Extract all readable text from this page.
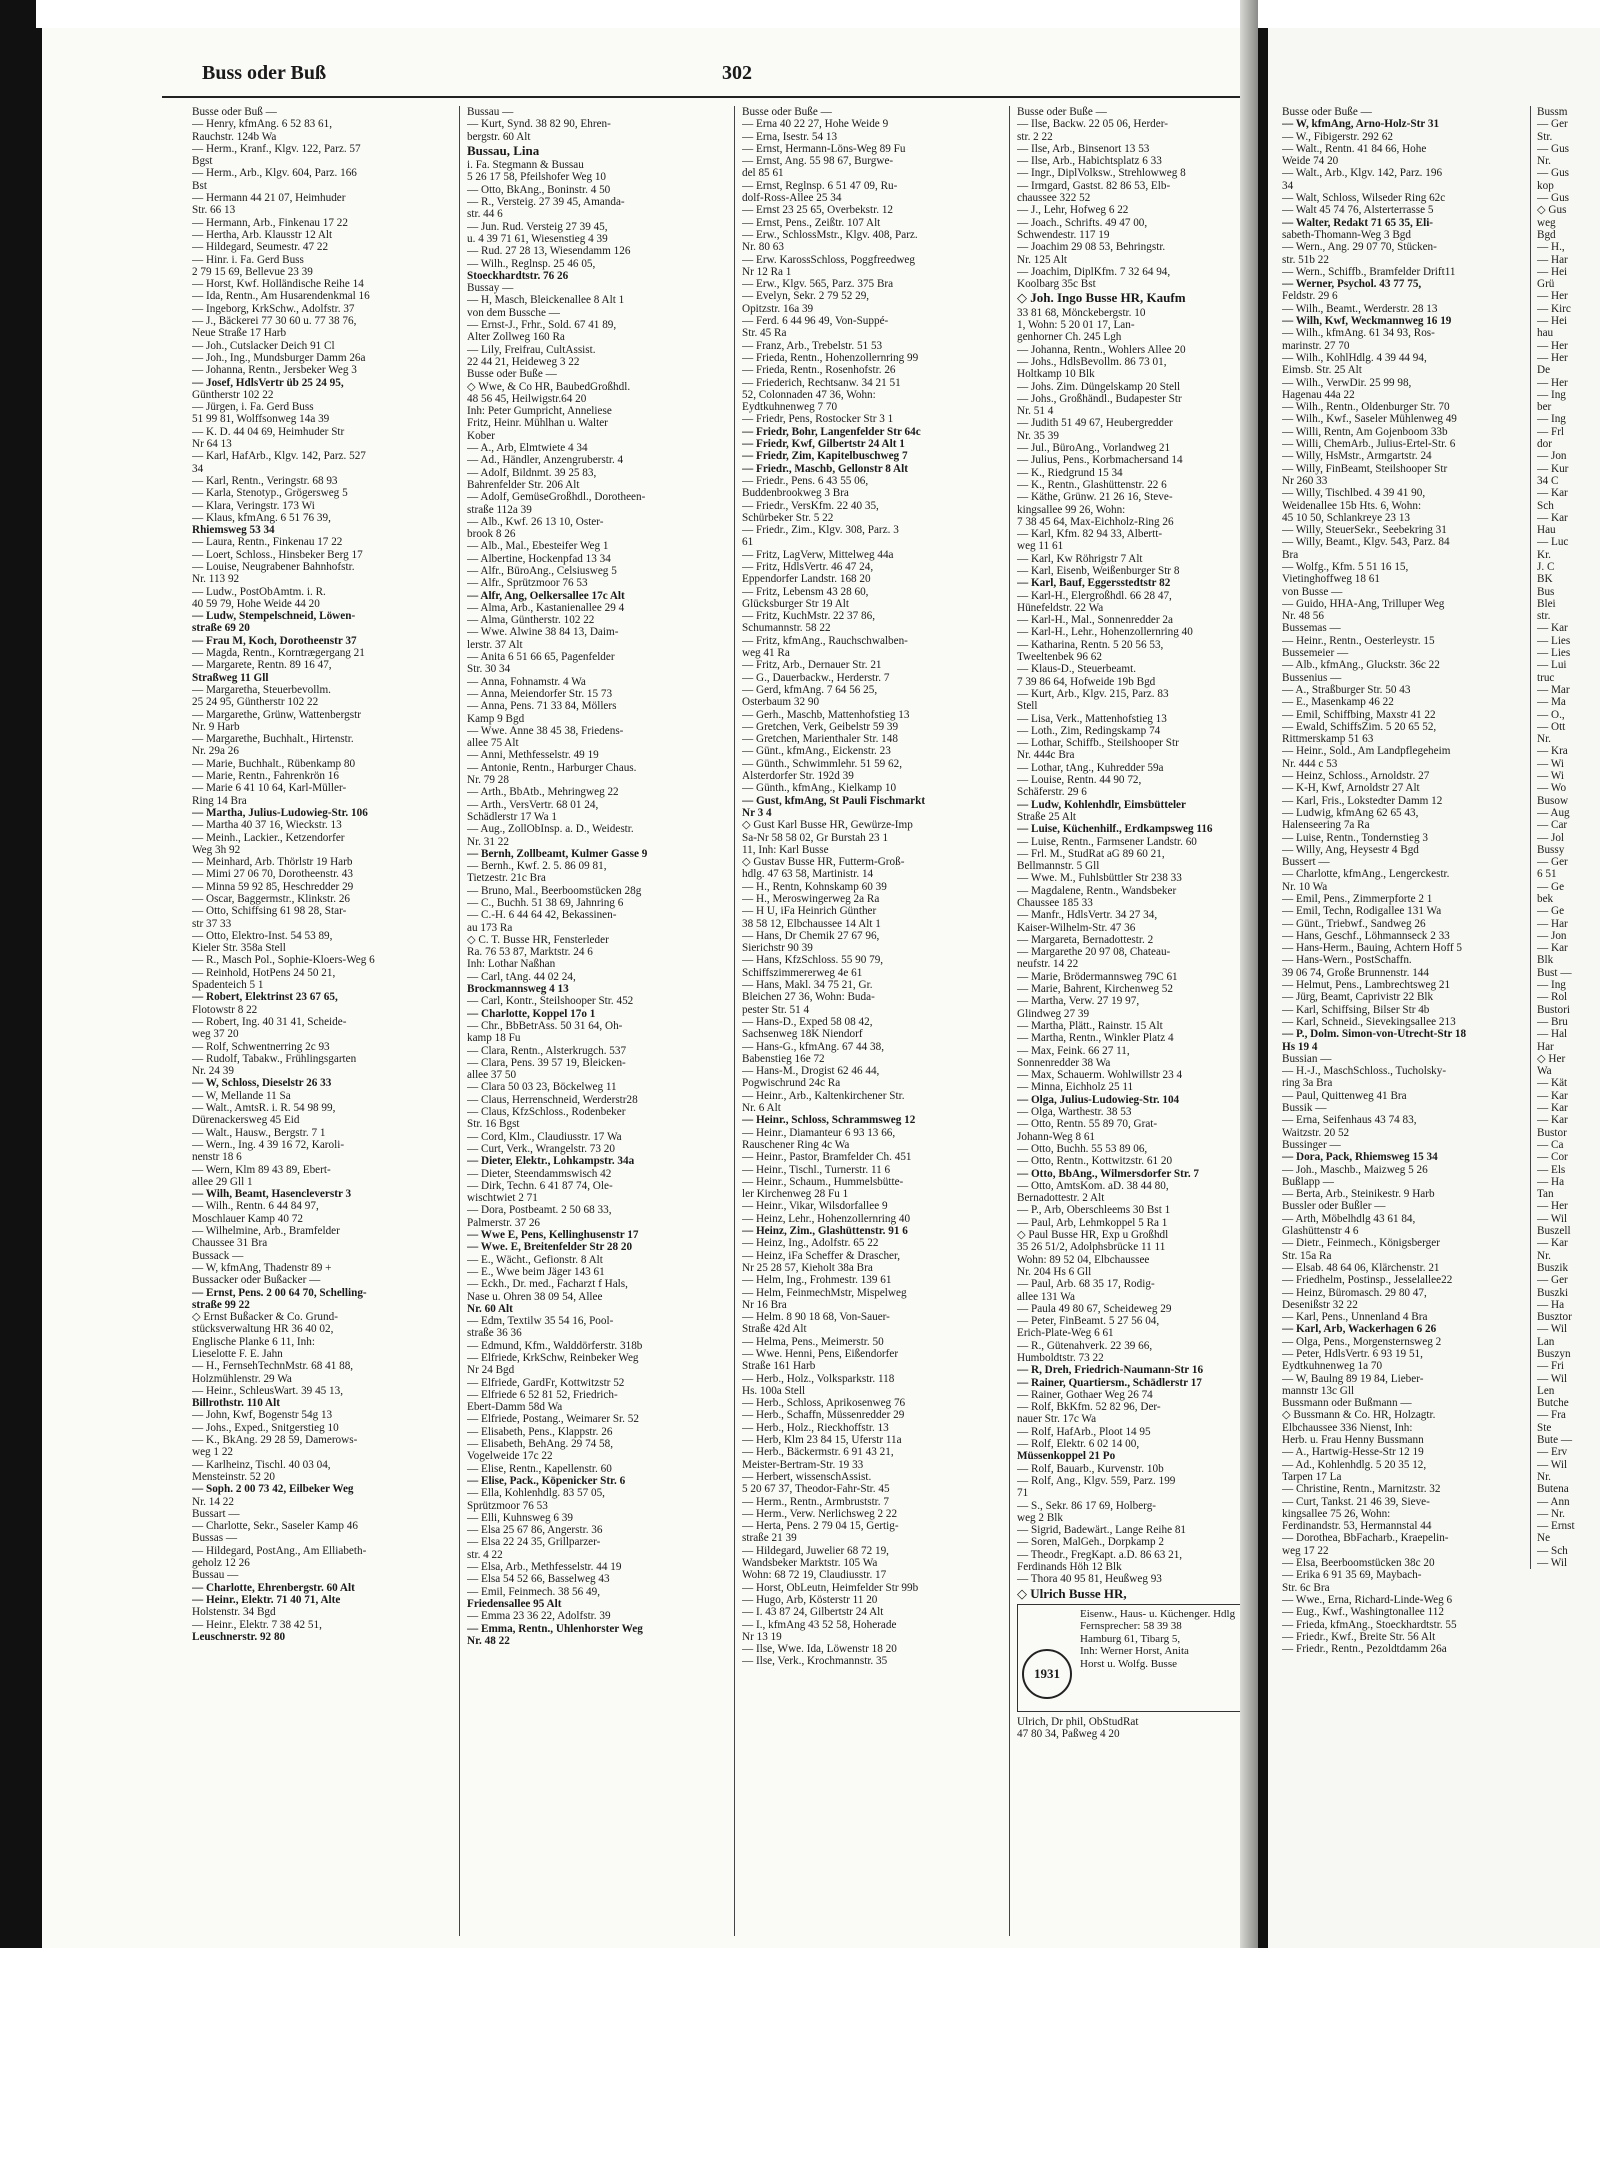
Buss oder Buß	302
Busse oder Buß —
— Henry, kfmAng. 6 52 83 61,
Rauchstr. 124b Wa
— Herm., Kranf., Klgv. 122, Parz. 57
Bgst
— Herm., Arb., Klgv. 604, Parz. 166
Bst
— Hermann 44 21 07, Heimhuder
Str. 66 13
— Hermann, Arb., Finkenau 17 22
— Hertha, Arb. Klausstr 12 Alt
— Hildegard, Seumestr. 47 22
— Hinr. i. Fa. Gerd Buss
2 79 15 69, Bellevue 23 39
— Horst, Kwf. Holländische Reihe 14
— Ida, Rentn., Am Husarendenkmal 16
— Ingeborg, KrkSchw., Adolfstr. 37
— J., Bäckerei 77 30 60 u. 77 38 76,
Neue Straße 17 Harb
— Joh., Cutslacker Deich 91 Cl
— Joh., Ing., Mundsburger Damm 26a
— Johanna, Rentn., Jersbeker Weg 3
— Josef, HdlsVertr üb 25 24 95,
Güntherstr 102 22
— Jürgen, i. Fa. Gerd Buss
51 99 81, Wolffsonweg 14a 39
— K. D. 44 04 69, Heimhuder Str
Nr 64 13
— Karl, HafArb., Klgv. 142, Parz. 527
34
— Karl, Rentn., Veringstr. 68 93
— Karla, Stenotyp., Grögersweg 5
— Klara, Veringstr. 173 Wi
— Klaus, kfmAng. 6 51 76 39,
Rhiemsweg 53 34
— Laura, Rentn., Finkenau 17 22
— Loert, Schloss., Hinsbeker Berg 17
— Louise, Neugrabener Bahnhofstr.
Nr. 113 92
— Ludw., PostObAmtm. i. R.
40 59 79, Hohe Weide 44 20
— Ludw, Stempelschneid, Löwen-
straße 69 20
— Frau M, Koch, Dorotheenstr 37
— Magda, Rentn., Korntrægergang 21
— Margarete, Rentn. 89 16 47,
Straßweg 11 Gll
— Margaretha, Steuerbevollm.
25 24 95, Güntherstr 102 22
— Margarethe, Grünw, Wattenbergstr
Nr. 9 Harb
— Margarethe, Buchhalt., Hirtenstr.
Nr. 29a 26
— Marie, Buchhalt., Rübenkamp 80
— Marie, Rentn., Fahrenkrön 16
— Marie 6 41 10 64, Karl-Müller-
Ring 14 Bra
— Martha, Julius-Ludowieg-Str. 106
— Martha 40 37 16, Wieckstr. 13
— Meinh., Lackier., Ketzendorfer
Weg 3h 92
— Meinhard, Arb. Thörlstr 19 Harb
— Mimi 27 06 70, Dorotheenstr. 43
— Minna 59 92 85, Heschredder 29
— Oscar, Baggermstr., Klinkstr. 26
— Otto, Schiffsing 61 98 28, Star-
str 37 33
— Otto, Elektro-Inst. 54 53 89,
Kieler Str. 358a Stell
— R., Masch Pol., Sophie-Kloers-Weg 6
— Reinhold, HotPens 24 50 21,
Spadenteich 5 1
— Robert, Elektrinst 23 67 65,
Flotowstr 8 22
— Robert, Ing. 40 31 41, Scheide-
weg 37 20
— Rolf, Schwentnerring 2c 93
— Rudolf, Tabakw., Frühlingsgarten
Nr. 24 39
— W, Schloss, Dieselstr 26 33
— W, Mellande 11 Sa
— Walt., AmtsR. i. R. 54 98 99,
Dürenackersweg 45 Eid
— Walt., Hausw., Bergstr. 7 1
— Wern., Ing. 4 39 16 72, Karoli-
nenstr 18 6
— Wern, Klm 89 43 89, Ebert-
allee 29 Gll 1
— Wilh, Beamt, Hasencleverstr 3
— Wilh., Rentn. 6 44 84 97,
Moschlauer Kamp 40 72
— Wilhelmine, Arb., Bramfelder
Chaussee 31 Bra
Bussack —
— W, kfmAng, Thadenstr 89 +
Bussacker oder Bußacker —
— Ernst, Pens. 2 00 64 70, Schelling-
straße 99 22
◇ Ernst Bußacker & Co. Grund-
stücksverwaltung HR 36 40 02,
Englische Planke 6 11, Inh:
Lieselotte F. E. Jahn
— H., FernsehTechnMstr. 68 41 88,
Holzmühlenstr. 29 Wa
— Heinr., SchleusWart. 39 45 13,
Billrothstr. 110 Alt
— John, Kwf, Bogenstr 54g 13
— Johs., Exped., Snitgerstieg 10
— K., BkAng. 29 28 59, Damerows-
weg 1 22
— Karlheinz, Tischl. 40 03 04,
Mensteinstr. 52 20
— Soph. 2 00 73 42, Eilbeker Weg
Nr. 14 22
Bussart —
— Charlotte, Sekr., Saseler Kamp 46
Bussas —
— Hildegard, PostAng., Am Elliabeth-
geholz 12 26
Bussau —
— Charlotte, Ehrenbergstr. 60 Alt
— Heinr., Elektr. 71 40 71, Alte
Holstenstr. 34 Bgd
— Heinr., Elektr. 7 38 42 51,
Leuschnerstr. 92 80
Bussau —
— Kurt, Synd. 38 82 90, Ehren-
bergstr. 60 Alt
Bussau, Lina
i. Fa. Stegmann & Bussau
5 26 17 58, Pfeilshofer Weg 10
— Otto, BkAng., Boninstr. 4 50
— R., Versteig. 27 39 45, Amanda-
str. 44 6
— Jun. Rud. Versteig 27 39 45,
u. 4 39 71 61, Wiesenstieg 4 39
— Rud. 27 28 13, Wiesendamm 126
— Wilh., Reglnsp. 25 46 05,
Stoeckhardtstr. 76 26
Bussay —
— H, Masch, Bleickenallee 8 Alt 1
von dem Bussche —
— Ernst-J., Frhr., Sold. 67 41 89,
Alter Zollweg 160 Ra
— Lily, Freifrau, CultAssist.
22 44 21, Heideweg 3 22
Busse oder Buße —
◇ Wwe, & Co HR, BaubedGroßhdl.
48 56 45, Heilwigstr.64 20
Inh: Peter Gumpricht, Anneliese
Fritz, Heinr. Mühlhan u. Walter
Kober
— A., Arb, Elmtwiete 4 34
— Ad., Händler, Anzengruberstr. 4
— Adolf, Bildnmt. 39 25 83,
Bahrenfelder Str. 206 Alt
— Adolf, GemüseGroßhdl., Dorotheen-
straße 112a 39
— Alb., Kwf. 26 13 10, Oster-
brook 8 26
— Alb., Mal., Ebesteifer Weg 1
— Albertine, Hockenpfad 13 34
— Alfr., BüroAng., Celsiusweg 5
— Alfr., Sprützmoor 76 53
— Alfr, Ang, Oelkersallee 17c Alt
— Alma, Arb., Kastanienallee 29 4
— Alma, Güntherstr. 102 22
— Wwe. Alwine 38 84 13, Daim-
lerstr. 37 Alt
— Anita 6 51 66 65, Pagenfelder
Str. 30 34
— Anna, Fohnamstr. 4 Wa
— Anna, Meiendorfer Str. 15 73
— Anna, Pens. 71 33 84, Möllers
Kamp 9 Bgd
— Wwe. Anne 38 45 38, Friedens-
allee 75 Alt
— Anni, Methfesselstr. 49 19
— Antonie, Rentn., Harburger Chaus.
Nr. 79 28
— Arth., BbAtb., Mehringweg 22
— Arth., VersVertr. 68 01 24,
Schädlerstr 17 Wa 1
— Aug., ZollObInsp. a. D., Weidestr.
Nr. 31 22
— Bernh, Zollbeamt, Kulmer Gasse 9
— Bernh., Kwf. 2. 5. 86 09 81,
Tietzestr. 21c Bra
— Bruno, Mal., Beerboomstücken 28g
— C., Buchh. 51 38 69, Jahnring 6
— C.-H. 6 44 64 42, Bekassinen-
au 173 Ra
◇ C. T. Busse HR, Fensterleder
Ra. 76 53 87, Marktstr. 24 6
Inh: Lothar Naßhan
— Carl, tAng. 44 02 24,
Brockmannsweg 4 13
— Carl, Kontr., Steilshooper Str. 452
— Charlotte, Koppel 17o 1
— Chr., BbBetrAss. 50 31 64, Oh-
kamp 18 Fu
— Clara, Rentn., Alsterkrugch. 537
— Clara, Pens. 39 57 19, Bleicken-
allee 37 50
— Clara 50 03 23, Böckelweg 11
— Claus, Herrenschneid, Werderstr28
— Claus, KfzSchloss., Rodenbeker
Str. 16 Bgst
— Cord, Klm., Claudiusstr. 17 Wa
— Curt, Verk., Wrangelstr. 73 20
— Dieter, Elektr., Lohkampstr. 34a
— Dieter, Steendammswisch 42
— Dirk, Techn. 6 41 87 74, Ole-
wischtwiet 2 71
— Dora, Postbeamt. 2 50 68 33,
Palmerstr. 37 26
— Wwe E, Pens, Kellinghusenstr 17
— Wwe. E, Breitenfelder Str 28 20
— E., Wächt., Gefionstr. 8 Alt
— E., Wwe beim Jäger 143 61
— Eckh., Dr. med., Facharzt f Hals,
Nase u. Ohren 38 09 54, Allee
Nr. 60 Alt
— Edm, Textilw 35 54 16, Pool-
straße 36 36
— Edmund, Kfm., Walddörferstr. 318b
— Elfriede, KrkSchw, Reinbeker Weg
Nr 24 Bgd
— Elfriede, GardFr, Kottwitzstr 52
— Elfriede 6 52 81 52, Friedrich-
Ebert-Damm 58d Wa
— Elfriede, Postang., Weimarer Sr. 52
— Elisabeth, Pens., Klappstr. 26
— Elisabeth, BehAng. 29 74 58,
Vogelweide 17c 22
— Elise, Rentn., Kapellenstr. 60
— Elise, Pack., Köpenicker Str. 6
— Ella, Kohlenhdlg. 83 57 05,
Sprützmoor 76 53
— Elli, Kuhnsweg 6 39
— Elsa 25 67 86, Angerstr. 36
— Elsa 22 24 35, Grillparzer-
str. 4 22
— Elsa, Arb., Methfesselstr. 44 19
— Elsa 54 52 66, Basselweg 43
— Emil, Feinmech. 38 56 49,
Friedensallee 95 Alt
— Emma 23 36 22, Adolfstr. 39
— Emma, Rentn., Uhlenhorster Weg
Nr. 48 22
Busse oder Buße —
— Erna 40 22 27, Hohe Weide 9
— Erna, Isestr. 54 13
— Ernst, Hermann-Löns-Weg 89 Fu
— Ernst, Ang. 55 98 67, Burgwe-
del 85 61
— Ernst, Reglnsp. 6 51 47 09, Ru-
dolf-Ross-Allee 25 34
— Ernst 23 25 65, Overbekstr. 12
— Ernst, Pens., Zeißtr. 107 Alt
— Erw., SchlossMstr., Klgv. 408, Parz.
Nr. 80 63
— Erw. KarossSchloss, Poggfreedweg
Nr 12 Ra 1
— Erw., Klgv. 565, Parz. 375 Bra
— Evelyn, Sekr. 2 79 52 29,
Opitzstr. 16a 39
— Ferd. 6 44 96 49, Von-Suppé-
Str. 45 Ra
— Franz, Arb., Trebelstr. 51 53
— Frieda, Rentn., Hohenzollernring 99
— Frieda, Rentn., Rosenhofstr. 26
— Friederich, Rechtsanw. 34 21 51
52, Colonnaden 47 36, Wohn:
Eydtkuhnenweg 7 70
— Friedr, Pens, Rostocker Str 3 1
— Friedr, Bohr, Langenfelder Str 64c
— Friedr, Kwf, Gilbertstr 24 Alt 1
— Friedr, Zim, Kapitelbuschweg 7
— Friedr., Maschb, Gellonstr 8 Alt
— Friedr., Pens. 6 43 55 06,
Buddenbrookweg 3 Bra
— Friedr., VersKfm. 22 40 35,
Schürbeker Str. 5 22
— Friedr., Zim., Klgv. 308, Parz. 3
61
— Fritz, LagVerw, Mittelweg 44a
— Fritz, HdlsVertr. 46 47 24,
Eppendorfer Landstr. 168 20
— Fritz, Lebensm 43 28 60,
Glücksburger Str 19 Alt
— Fritz, KuchMstr. 22 37 86,
Schumannstr. 58 22
— Fritz, kfmAng., Rauchschwalben-
weg 41 Ra
— Fritz, Arb., Dernauer Str. 21
— G., Dauerbackw., Herderstr. 7
— Gerd, kfmAng. 7 64 56 25,
Osterbaum 32 90
— Gerh., Maschb, Mattenhofstieg 13
— Gretchen, Verk, Geibelstr 59 39
— Gretchen, Marienthaler Str. 148
— Günt., kfmAng., Eickenstr. 23
— Günth., Schwimmlehr. 51 59 62,
Alsterdorfer Str. 192d 39
— Günth., kfmAng., Kielkamp 10
— Gust, kfmAng, St Pauli Fischmarkt
Nr 3 4
◇ Gust Karl Busse HR, Gewürze-Imp
Sa-Nr 58 58 02, Gr Burstah 23 1
11, Inh: Karl Busse
◇ Gustav Busse HR, Futterm-Groß-
hdlg. 47 63 58, Martinistr. 14
— H., Rentn, Kohnskamp 60 39
— H., Meroswingerweg 2a Ra
— H U, iFa Heinrich Günther
38 58 12, Elbchaussee 14 Alt 1
— Hans, Dr Chemik 27 67 96,
Sierichstr 90 39
— Hans, KfzSchloss. 55 90 79,
Schiffszimmererweg 4e 61
— Hans, Makl. 34 75 21, Gr.
Bleichen 27 36, Wohn: Buda-
pester Str. 51 4
— Hans-D., Exped 58 08 42,
Sachsenweg 18K Niendorf
— Hans-G., kfmAng. 67 44 38,
Babenstieg 16e 72
— Hans-M., Drogist 62 46 44,
Pogwischrund 24c Ra
— Heinr., Arb., Kaltenkirchener Str.
Nr. 6 Alt
— Heinr., Schloss, Schrammsweg 12
— Heinr., Diamanteur 6 93 13 66,
Rauschener Ring 4c Wa
— Heinr., Pastor, Bramfelder Ch. 451
— Heinr., Tischl., Turnerstr. 11 6
— Heinr., Schaum., Hummelsbütte-
ler Kirchenweg 28 Fu 1
— Heinr., Vikar, Wilsdorfallee 9
— Heinz, Lehr., Hohenzollernring 40
— Heinz, Zim., Glashüttenstr. 91 6
— Heinz, Ing., Adolfstr. 65 22
— Heinz, iFa Scheffer & Drascher,
Nr 25 28 57, Kieholt 38a Bra
— Helm, Ing., Frohmestr. 139 61
— Helm, FeinmechMstr, Mispelweg
Nr 16 Bra
— Helm. 8 90 18 68, Von-Sauer-
Straße 42d Alt
— Helma, Pens., Meimerstr. 50
— Wwe. Henni, Pens, Eißendorfer
Straße 161 Harb
— Herb., Holz., Volksparkstr. 118
Hs. 100a Stell
— Herb., Schloss, Aprikosenweg 76
— Herb., Schaffn, Müssenredder 29
— Herb., Holz., Rieckhoffstr. 13
— Herb, Klm 23 84 15, Uferstr 11a
— Herb., Bäckermstr. 6 91 43 21,
Meister-Bertram-Str. 19 33
— Herbert, wissenschAssist.
5 20 67 37, Theodor-Fahr-Str. 45
— Herm., Rentn., Armbruststr. 7
— Herm., Verw. Nerlichsweg 2 22
— Herta, Pens. 2 79 04 15, Gertig-
straße 21 39
— Hildegard, Juwelier 68 72 19,
Wandsbeker Marktstr. 105 Wa
Wohn: 68 72 19, Claudiusstr. 17
— Horst, ObLeutn, Heimfelder Str 99b
— Hugo, Arb, Kösterstr 11 20
— I. 43 87 24, Gilbertstr 24 Alt
— I., kfmAng 43 52 58, Hoherade
Nr 13 19
— Ilse, Wwe. Ida, Löwenstr 18 20
— Ilse, Verk., Krochmannstr. 35
Busse oder Buße —
— Ilse, Backw. 22 05 06, Herder-
str. 2 22
— Ilse, Arb., Binsenort 13 53
— Ilse, Arb., Habichtsplatz 6 33
— Ingr., DiplVolksw., Strehlowweg 8
— Irmgard, Gastst. 82 86 53, Elb-
chaussee 322 52
— J., Lehr, Hofweg 6 22
— Joach., Schrifts. 49 47 00,
Schwendestr. 117 19
— Joachim 29 08 53, Behringstr.
Nr. 125 Alt
— Joachim, DiplKfm. 7 32 64 94,
Koolbarg 35c Bst
◇ Joh. Ingo Busse HR, Kaufm
33 81 68, Mönckebergstr. 10
1, Wohn: 5 20 01 17, Lan-
genhorner Ch. 245 Lgh
— Johanna, Rentn., Wohlers Allee 20
— Johs., HdlsBevollm. 86 73 01,
Holtkamp 10 Blk
— Johs. Zim. Düngelskamp 20 Stell
— Johs., Großhändl., Budapester Str
Nr. 51 4
— Judith 51 49 67, Heubergredder
Nr. 35 39
— Jul., BüroAng., Vorlandweg 21
— Julius, Pens., Korbmachersand 14
— K., Riedgrund 15 34
— K., Rentn., Glashüttenstr. 22 6
— Käthe, Grünw. 21 26 16, Steve-
kingsallee 99 26, Wohn:
7 38 45 64, Max-Eichholz-Ring 26
— Karl, Kfm. 82 94 33, Albertt-
weg 11 61
— Karl, Kw Röhrigstr 7 Alt
— Karl, Eisenb, Weißenburger Str 8
— Karl, Bauf, Eggersstedtstr 82
— Karl-H., Elergroßhdl. 66 28 47,
Hünefeldstr. 22 Wa
— Karl-H., Mal., Sonnenredder 2a
— Karl-H., Lehr., Hohenzollernring 40
— Katharina, Rentn. 5 20 56 53,
Tweeltenbek 96 62
— Klaus-D., Steuerbeamt.
7 39 86 64, Hofweide 19b Bgd
— Kurt, Arb., Klgv. 215, Parz. 83
Stell
— Lisa, Verk., Mattenhofstieg 13
— Loth., Zim, Redingskamp 74
— Lothar, Schiffb., Steilshooper Str
Nr. 444c Bra
— Lothar, tAng., Kuhredder 59a
— Louise, Rentn. 44 90 72,
Schäferstr. 29 6
— Ludw, Kohlenhdlr, Eimsbütteler
Straße 25 Alt
— Luise, Küchenhilf., Erdkampsweg 116
— Luise, Rentn., Farmsener Landstr. 60
— Frl. M., StudRat aG 89 60 21,
Bellmannstr. 5 Gll
— Wwe. M., Fuhlsbüttler Str 238 33
— Magdalene, Rentn., Wandsbeker
Chaussee 185 33
— Manfr., HdlsVertr. 34 27 34,
Kaiser-Wilhelm-Str. 47 36
— Margareta, Bernadottestr. 2
— Margarethe 20 97 08, Chateau-
neufstr. 14 22
— Marie, Brödermannsweg 79C 61
— Marie, Bahrent, Kirchenweg 52
— Martha, Verw. 27 19 97,
Glindweg 27 39
— Martha, Plätt., Rainstr. 15 Alt
— Martha, Rentn., Winkler Platz 4
— Max, Feink. 66 27 11,
Sonnenredder 38 Wa
— Max, Schauerm. Wohlwillstr 23 4
— Minna, Eichholz 25 11
— Olga, Julius-Ludowieg-Str. 104
— Olga, Warthestr. 38 53
— Otto, Rentn. 55 89 70, Grat-
Johann-Weg 8 61
— Otto, Buchh. 55 53 89 06,
— Otto, Rentn., Kottwitzstr. 61 20
— Otto, BbAng., Wilmersdorfer Str. 7
— Otto, AmtsKom. aD. 38 44 80,
Bernadottestr. 2 Alt
— P., Arb, Oberschleems 30 Bst 1
— Paul, Arb, Lehmkoppel 5 Ra 1
◇ Paul Busse HR, Exp u Großhdl
35 26 51/2, Adolphsbrücke 11 11
Wohn: 89 52 04, Elbchaussee
Nr. 204 Hs 6 Gll
— Paul, Arb. 68 35 17, Rodig-
allee 131 Wa
— Paula 49 80 67, Scheideweg 29
— Peter, FinBeamt. 5 27 56 04,
Erich-Plate-Weg 6 61
— R., Gütenahverk. 22 39 66,
Humboldtstr. 73 22
— R, Dreh, Friedrich-Naumann-Str 16
— Rainer, Quartiersm., Schädlerstr 17
— Rainer, Gothaer Weg 26 74
— Rolf, BkKfm. 52 82 96, Der-
nauer Str. 17c Wa
— Rolf, HafArb., Ploot 14 95
— Rolf, Elektr. 6 02 14 00,
Müssenkoppel 21 Po
— Rolf, Bauarb., Kurvenstr. 10b
— Rolf, Ang., Klgv. 559, Parz. 199
71
— S., Sekr. 86 17 69, Holberg-
weg 2 Blk
— Sigrid, Badewärt., Lange Reihe 81
— Soren, MalGeh., Dorpkamp 2
— Theodr., FregKapt. a.D. 86 63 21,
Ferdinands Höh 12 Blk
— Thora 40 95 81, Heußweg 93
◇ Ulrich Busse HR,
Eisenw., Haus- u. Küchenger. Hdlg
Fernsprecher: 58 39 38
Hamburg 61, Tibarg 5,
Inh: Werner Horst, Anita
Horst u. Wolfg. Busse
1931
Ulrich, Dr phil, ObStudRat
47 80 34, Paßweg 4 20
Busse oder Buße —
— W, kfmAng, Arno-Holz-Str 31
— W., Fibigerstr. 292 62
— Walt., Rentn. 41 84 66, Hohe
Weide 74 20
— Walt., Arb., Klgv. 142, Parz. 196
34
— Walt, Schloss, Wilseder Ring 62c
— Walt 45 74 76, Alsterterrasse 5
— Walter, Redakt 71 65 35, Eli-
sabeth-Thomann-Weg 3 Bgd
— Wern., Ang. 29 07 70, Stücken-
str. 51b 22
— Wern., Schiffb., Bramfelder Drift11
— Werner, Psychol. 43 77 75,
Feldstr. 29 6
— Wilh., Beamt., Werderstr. 28 13
— Wilh, Kwf, Weckmannweg 16 19
— Wilh., kfmAng. 61 34 93, Ros-
marinstr. 27 70
— Wilh., KohlHdlg. 4 39 44 94,
Eimsb. Str. 25 Alt
— Wilh., VerwDir. 25 99 98,
Hagenau 44a 22
— Wilh., Rentn., Oldenburger Str. 70
— Wilh., Kwf., Saseler Mühlenweg 49
— Willi, Rentn, Am Gojenboom 33b
— Willi, ChemArb., Julius-Ertel-Str. 6
— Willy, HsMstr., Armgartstr. 24
— Willy, FinBeamt, Steilshooper Str
Nr 260 33
— Willy, Tischlbed. 4 39 41 90,
Weidenallee 15b Hts. 6, Wohn:
45 10 50, Schlankreye 23 13
— Willy, SteuerSekr., Seebekring 31
— Willy, Beamt., Klgv. 543, Parz. 84
Bra
— Wolfg., Kfm. 5 51 16 15,
Vietinghoffweg 18 61
von Busse —
— Guido, HHA-Ang, Trilluper Weg
Nr. 48 56
Bussemas —
— Heinr., Rentn., Oesterleystr. 15
Bussemeier —
— Alb., kfmAng., Gluckstr. 36c 22
Bussenius —
— A., Straßburger Str. 50 43
— E., Masenkamp 46 22
— Emil, Schiffbing, Maxstr 41 22
— Ewald, SchiffsZim. 5 20 65 52,
Rittmerskamp 51 63
— Heinr., Sold., Am Landpflegeheim
Nr. 444 c 53
— Heinz, Schloss., Arnoldstr. 27
— K-H, Kwf, Arnoldstr 27 Alt
— Karl, Fris., Lokstedter Damm 12
— Ludwig, kfmAng 62 65 43,
Halenseering 7a Ra
— Luise, Rentn., Tondernstieg 3
— Willy, Ang, Heysestr 4 Bgd
Bussert —
— Charlotte, kfmAng., Lengerckestr.
Nr. 10 Wa
— Emil, Pens., Zimmerpforte 2 1
— Emil, Techn, Rodigallee 131 Wa
— Günt., Triebwf., Sandweg 26
— Hans, Geschf., Löhmannseck 2 33
— Hans-Herm., Bauing, Achtern Hoff 5
— Hans-Wern., PostSchaffn.
39 06 74, Große Brunnenstr. 144
— Helmut, Pens., Lambrechtsweg 21
— Jürg, Beamt, Caprivistr 22 Blk
— Karl, Schiffsing, Bilser Str 4b
— Karl, Schneid., Sievekingsallee 213
— P., Dolm. Simon-von-Utrecht-Str 18
Hs 19 4
Bussian —
— H.-J., MaschSchloss., Tucholsky-
ring 3a Bra
— Paul, Quittenweg 41 Bra
Bussik —
— Erna, Seifenhaus 43 74 83,
Waitzstr. 20 52
Bussinger —
— Dora, Pack, Rhiemsweg 15 34
— Joh., Maschb., Maizweg 5 26
Bußlapp —
— Berta, Arb., Steinikestr. 9 Harb
Bussler oder Bußler —
— Arth, Möbelhdlg 43 61 84,
Glashüttenstr 4 6
— Dietr., Feinmech., Königsberger
Str. 15a Ra
— Elsab. 48 64 06, Klärchenstr. 21
— Friedhelm, Postinsp., Jesselallee22
— Heinz, Büromasch. 29 80 47,
Desenißstr 32 22
— Karl, Pens., Unnenland 4 Bra
— Karl, Arb, Wackerhagen 6 26
— Olga, Pens., Morgensternsweg 2
— Peter, HdlsVertr. 6 93 19 51,
Eydtkuhnenweg 1a 70
— W, Baulng 89 19 84, Lieber-
mannstr 13c Gll
Bussmann oder Bußmann —
◇ Bussmann & Co. HR, Holzagtr.
Elbchaussee 336 Nienst, Inh:
Herb. u. Frau Henny Bussmann
— A., Hartwig-Hesse-Str 12 19
— Ad., Kohlenhdlg. 5 20 35 12,
Tarpen 17 La
— Christine, Rentn., Marnitzstr. 32
— Curt, Tankst. 21 46 39, Sieve-
kingsallee 75 26, Wohn:
Ferdinandstr. 53, Hermannstal 44
— Dorothea, BbFacharb., Kraepelin-
weg 17 22
— Elsa, Beerboomstücken 38c 20
— Erika 6 91 35 69, Maybach-
Str. 6c Bra
— Wwe., Erna, Richard-Linde-Weg 6
— Eug., Kwf., Washingtonallee 112
— Frieda, kfmAng., Stoeckhardtstr. 55
— Friedr., Kwf., Breite Str. 56 Alt
— Friedr., Rentn., Pezoldtdamm 26a
Bussm
— Ger
Str.
— Gus
Nr.
— Gus
kop
— Gus
◇ Gus
weg
Bgd
— H.,
— Har
— Hei
Grü
— Her
— Kirc
— Hei
hau
— Her
— Her
De
— Her
— Ing
ber
— Ing
— Frl
dor
— Jon
— Kur
34 C
— Kar
Sch
— Kar
Hau
— Luc
Kr.
J. C
BK
Bus
Blei
str.
— Kar
— Lies
— Lies
— Lui
truc
— Mar
— Ma
— O.,
— Ott
Nr.
— Kra
— Wi
— Wi
— Wo
Busow
— Aug
— Car
— Jol
Bussy
— Ger
6 51
— Ge
bek
— Ge
— Har
— Jon
— Kar
Blk
Bust —
— Ing
— Rol
Bustori
— Bru
— Hal
Har
◇ Her
Wa
— Kät
— Kar
— Kar
— Kar
Bustor
— Ca
— Cor
— Els
— Ha
Tan
— Her
— Wil
Buszell
— Kar
Nr.
Buszik
— Ger
Buszki
— Ha
Busztor
— Wil
Lan
Buszyn
— Fri
— Wil
Len
Butche
— Fra
Ste
Bute —
— Erv
— Wil
Nr.
Butena
— Ann
— Nr.
— Ernst
Ne
— Sch
— Wil
